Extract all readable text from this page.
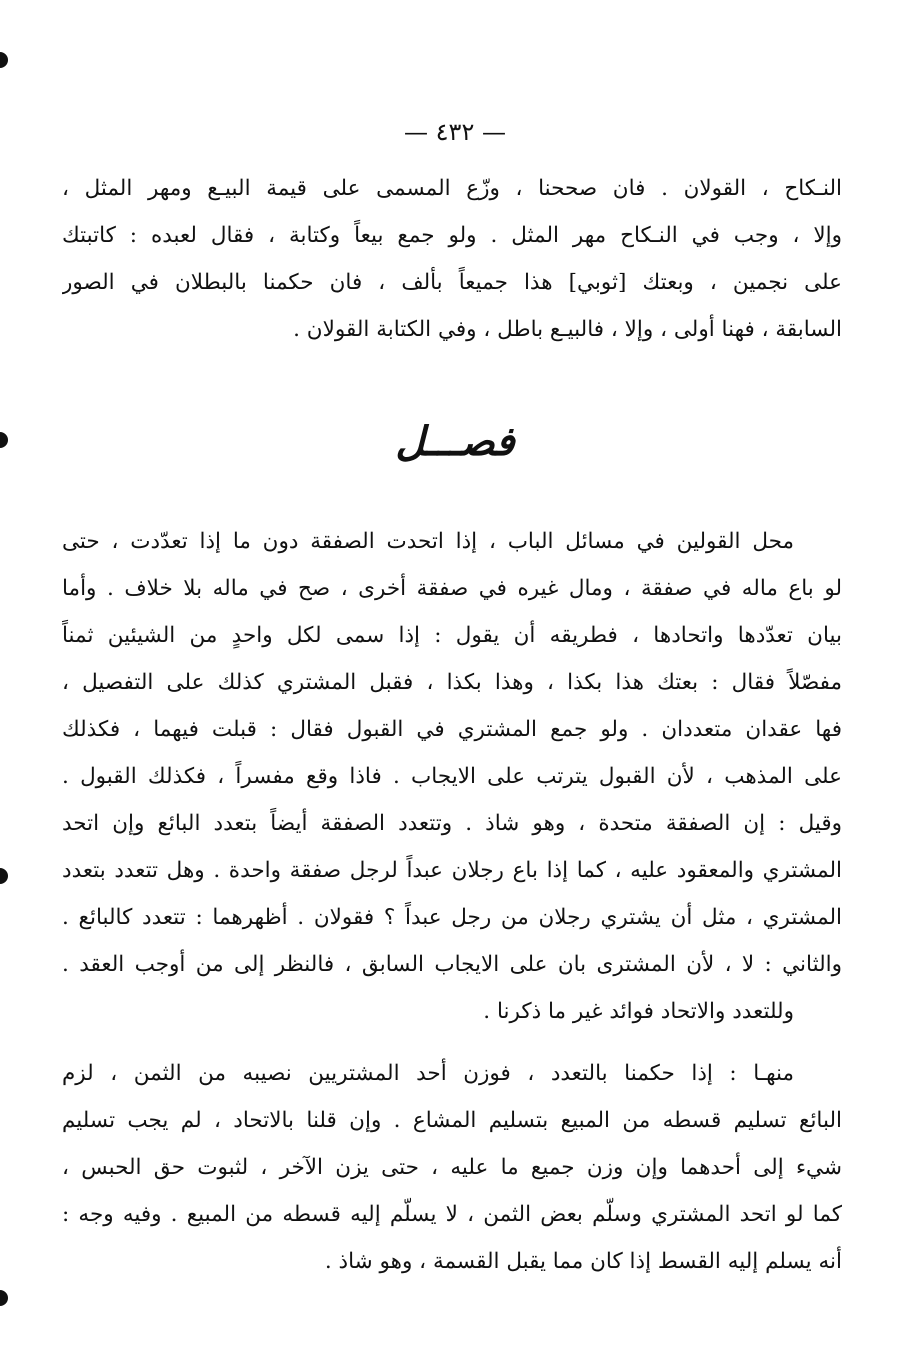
— ٤٣٢ —
النـكاح ، القولان . فان صححنا ، وزّع المسمى على قيمة البيـع ومهر المثل ،
وإلا ، وجب في النـكاح مهر المثل . ولو جمع بيعاً وكتابة ، فقال لعبده : كاتبتك
على نجمين ، وبعتك [ثوبي] هذا جميعاً بألف ، فان حكمنا بالبطلان في الصور
السابقة ، فهنا أولى ، وإلا ، فالبيـع باطل ، وفي الكتابة القولان .
فصـــل
محل القولين في مسائل الباب ، إذا اتحدت الصفقة دون ما إذا تعدّدت ، حتى
لو باع ماله في صفقة ، ومال غيره في صفقة أخرى ، صح في ماله بلا خلاف . وأما
بيان تعدّدها واتحادها ، فطريقه أن يقول : إذا سمى لكل واحدٍ من الشيئين ثمناً
مفصّلاً فقال : بعتك هذا بكذا ، وهذا بكذا ، فقبل المشتري كذلك على التفصيل ،
فها عقدان متعددان . ولو جمع المشتري في القبول فقال : قبلت فيهما ، فكذلك
على المذهب ، لأن القبول يترتب على الايجاب . فاذا وقع مفسراً ، فكذلك القبول .
وقيل : إن الصفقة متحدة ، وهو شاذ . وتتعدد الصفقة أيضاً بتعدد البائع وإن اتحد
المشتري والمعقود عليه ، كما إذا باع رجلان عبداً لرجل صفقة واحدة . وهل تتعدد بتعدد
المشتري ، مثل أن يشتري رجلان من رجل عبداً ؟ فقولان . أظهرهما : تتعدد كالبائع .
والثاني : لا ، لأن المشترى بان على الايجاب السابق ، فالنظر إلى من أوجب العقد .
وللتعدد والاتحاد فوائد غير ما ذكرنا .
منهـا : إذا حكمنا بالتعدد ، فوزن أحد المشتريين نصيبه من الثمن ، لزم
البائع تسليم قسطه من المبيع بتسليم المشاع . وإن قلنا بالاتحاد ، لم يجب تسليم
شيء إلى أحدهما وإن وزن جميع ما عليه ، حتى يزن الآخر ، لثبوت حق الحبس ،
كما لو اتحد المشتري وسلّم بعض الثمن ، لا يسلّم إليه قسطه من المبيع . وفيه وجه :
أنه يسلم إليه القسط إذا كان مما يقبل القسمة ، وهو شاذ .
